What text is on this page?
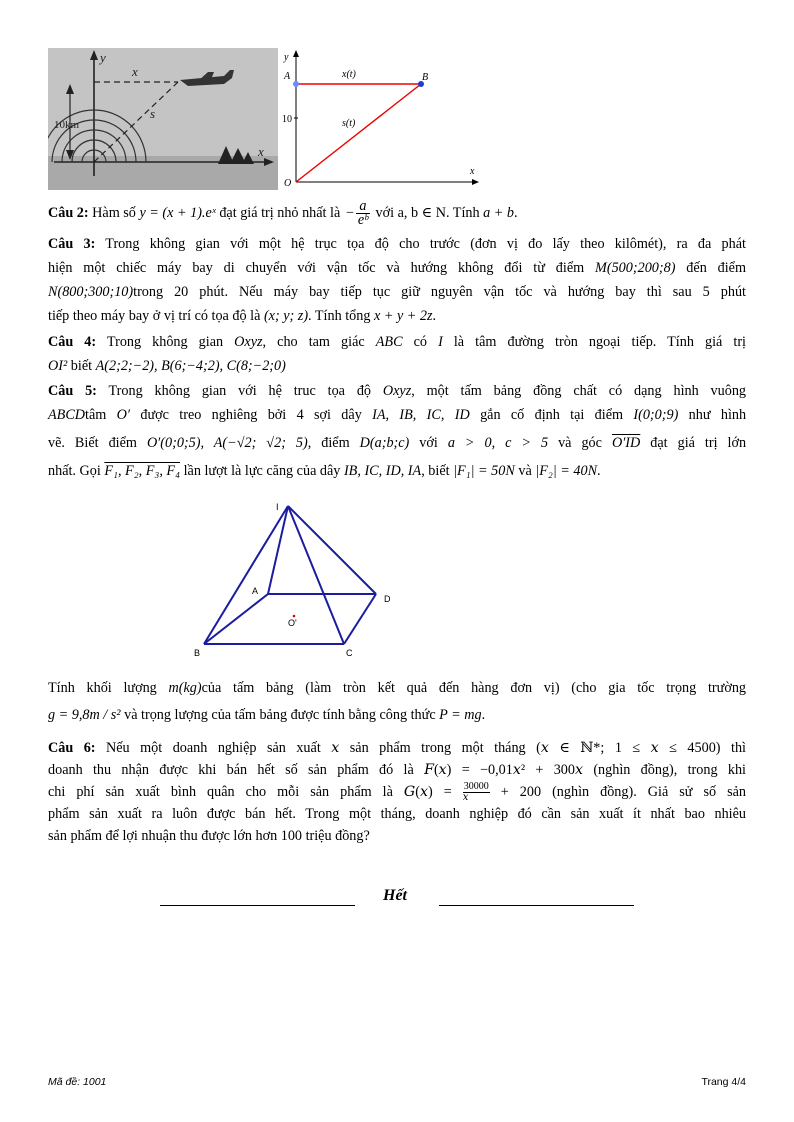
10km
y
x
x
s
y
x
A	B
O
10
x(t)
s(t)
Câu 2: Hàm số y = (x + 1).eˣ đạt giá trị nhỏ nhất là − $\frac{a}{\text{eᵇ}}$ với a, b ∈ N. Tính a + b.
Câu 3: Trong không gian với một hệ trục tọa độ cho trước (đơn vị đo lấy theo kilômét), ra đa phát
hiện một chiếc máy bay di chuyển với vận tốc và hướng không đổi từ điểm M(500;200;8) đến điểm
N(800;300;10)trong 20 phút. Nếu máy bay tiếp tục giữ nguyên vận tốc và hướng bay thì sau 5 phút
tiếp theo máy bay ở vị trí có tọa độ là (x; y; z). Tính tổng x + y + 2z.
Câu 4: Trong không gian Oxyz, cho tam giác ABC có I là tâm đường tròn ngoại tiếp. Tính giá trị
OI² biết A(2;2;−2), B(6;−4;2), C(8;−2;0)
Câu 5: Trong không gian với hệ truc tọa độ Oxyz, một tấm bảng đồng chất có dạng hình vuông
ABCDtâm O′ được treo nghiêng bởi 4 sợi dây IA, IB, IC, ID gắn cố định tại điểm I(0;0;9) như hình
vẽ. Biết điểm O′(0;0;5), A(−√2; √2; 5), điểm D(a;b;c) với a > 0, c > 5 và góc O′ID đạt giá trị lớn
nhất. Gọi F₁, F₂, F₃, F₄ lần lượt là lực căng của dây IB, IC, ID, IA, biết |F₁| = 50N và |F₂| = 40N.
I
A
B	C
D
O'
Tính khối lượng m(kg)của tấm bảng (làm tròn kết quả đến hàng đơn vị) (cho gia tốc trọng trường
g = 9,8m / s² và trọng lượng của tấm bảng được tính bằng công thức P = mg.
Câu 6: Nếu một doanh nghiệp sản xuất 𝑥 sản phẩm trong một tháng (𝑥 ∈ ℕ*; 1 ≤ 𝑥 ≤ 4500) thì
doanh thu nhận được khi bán hết số sản phẩm đó là 𝐹(𝑥) = −0,01𝑥² + 300𝑥 (nghìn đồng), trong khi
chi phí sản xuất bình quân cho mỗi sản phẩm là 𝐺(𝑥) = 30000
𝑥	+ 200 (nghìn đồng). Giả sử số sản
phẩm sản xuất ra luôn được bán hết. Trong một tháng, doanh nghiệp đó cần sản xuất ít nhất bao nhiêu
sản phẩm để lợi nhuận thu được lớn hơn 100 triệu đồng?
Hết
Mã đề: 1001	Trang 4/4
